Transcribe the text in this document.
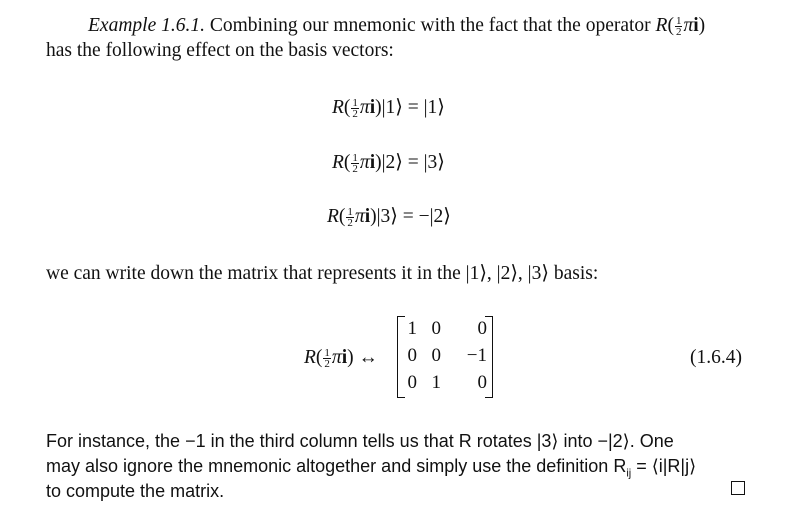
Example 1.6.1. Combining our mnemonic with the fact that the operator $R( \frac{1}{2} \pi i)$
has the following effect on the basis vectors:
$R( \frac{1}{2}$ πi)|1⟩ = |1⟩
$R( \frac{1}{2}$ πi)|2⟩ = |3⟩
$R( \frac{1}{2}$ πi)|3⟩ = −|2⟩
we can write down the matrix that represents it in the |1⟩, |2⟩, |3⟩ basis:
$R( \frac{1}{2} \pi i)$ ↔
1 0	0
0 0 −1
0 1	0
(1.6.4)
For instance, the −1 in the third column tells us that R rotates |3⟩ into −|2⟩. One
may also ignore the mnemonic altogether and simply use the definition $R_{ij}$ = ⟨i|R|j⟩
to compute the matrix.
